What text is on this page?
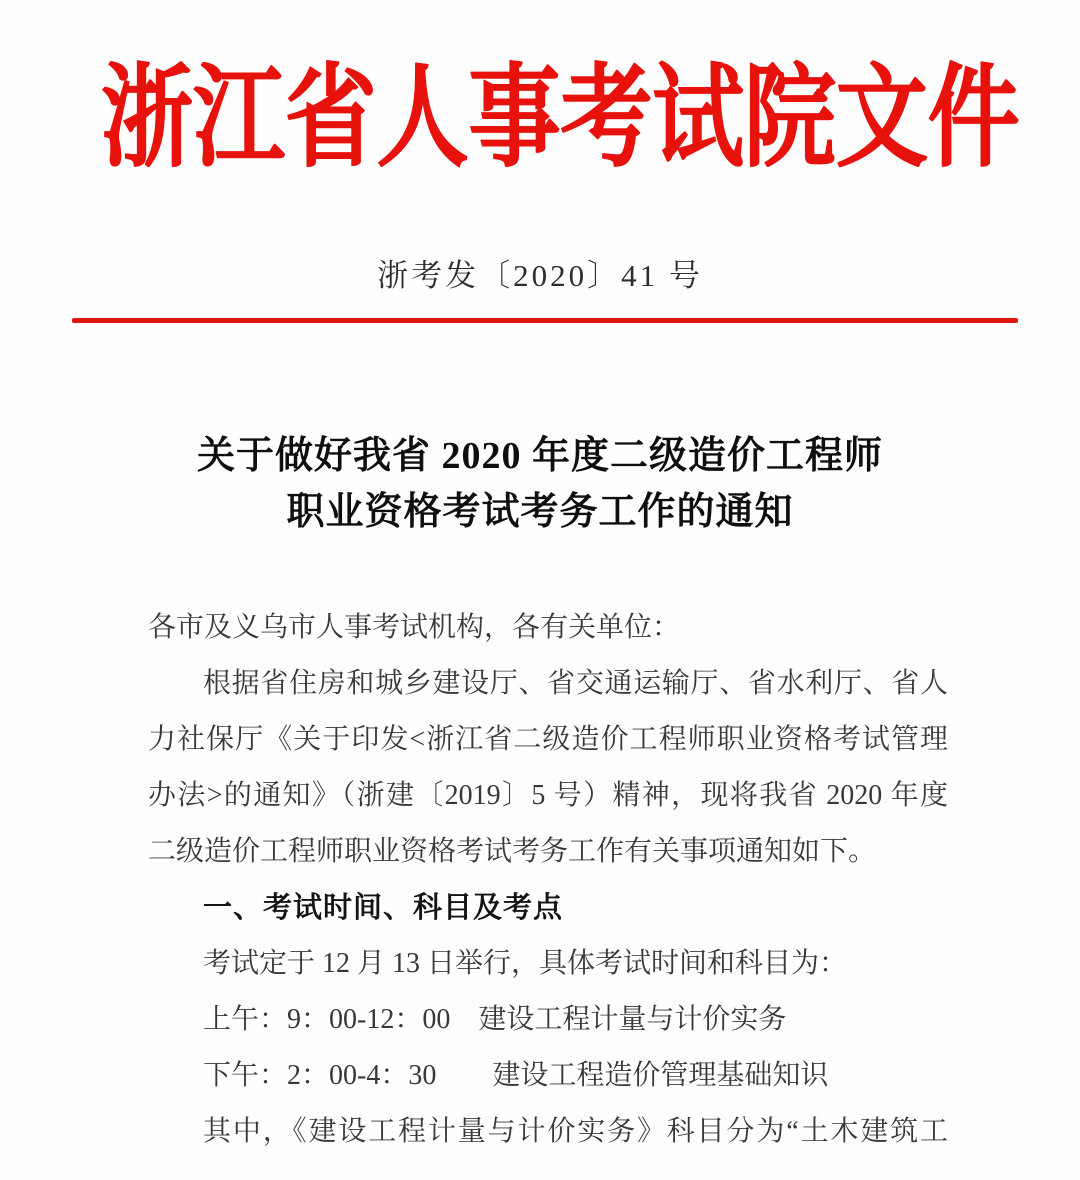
浙江省人事考试院文件
浙考发〔2020〕41 号
关于做好我省 2020 年度二级造价工程师
职业资格考试考务工作的通知
各市及义乌市人事考试机构，各有关单位：
根据省住房和城乡建设厅、省交通运输厅、省水利厅、省人
力社保厅《关于印发<浙江省二级造价工程师职业资格考试管理
办法>的通知》（浙建〔2019〕5 号）精神，现将我省 2020 年度
二级造价工程师职业资格考试考务工作有关事项通知如下。
一、考试时间、科目及考点
考试定于 12 月 13 日举行，具体考试时间和科目为：
上午：9：00-12：00　建设工程计量与计价实务
下午：2：00-4：30　　建设工程造价管理基础知识
其中，《建设工程计量与计价实务》科目分为“土木建筑工
